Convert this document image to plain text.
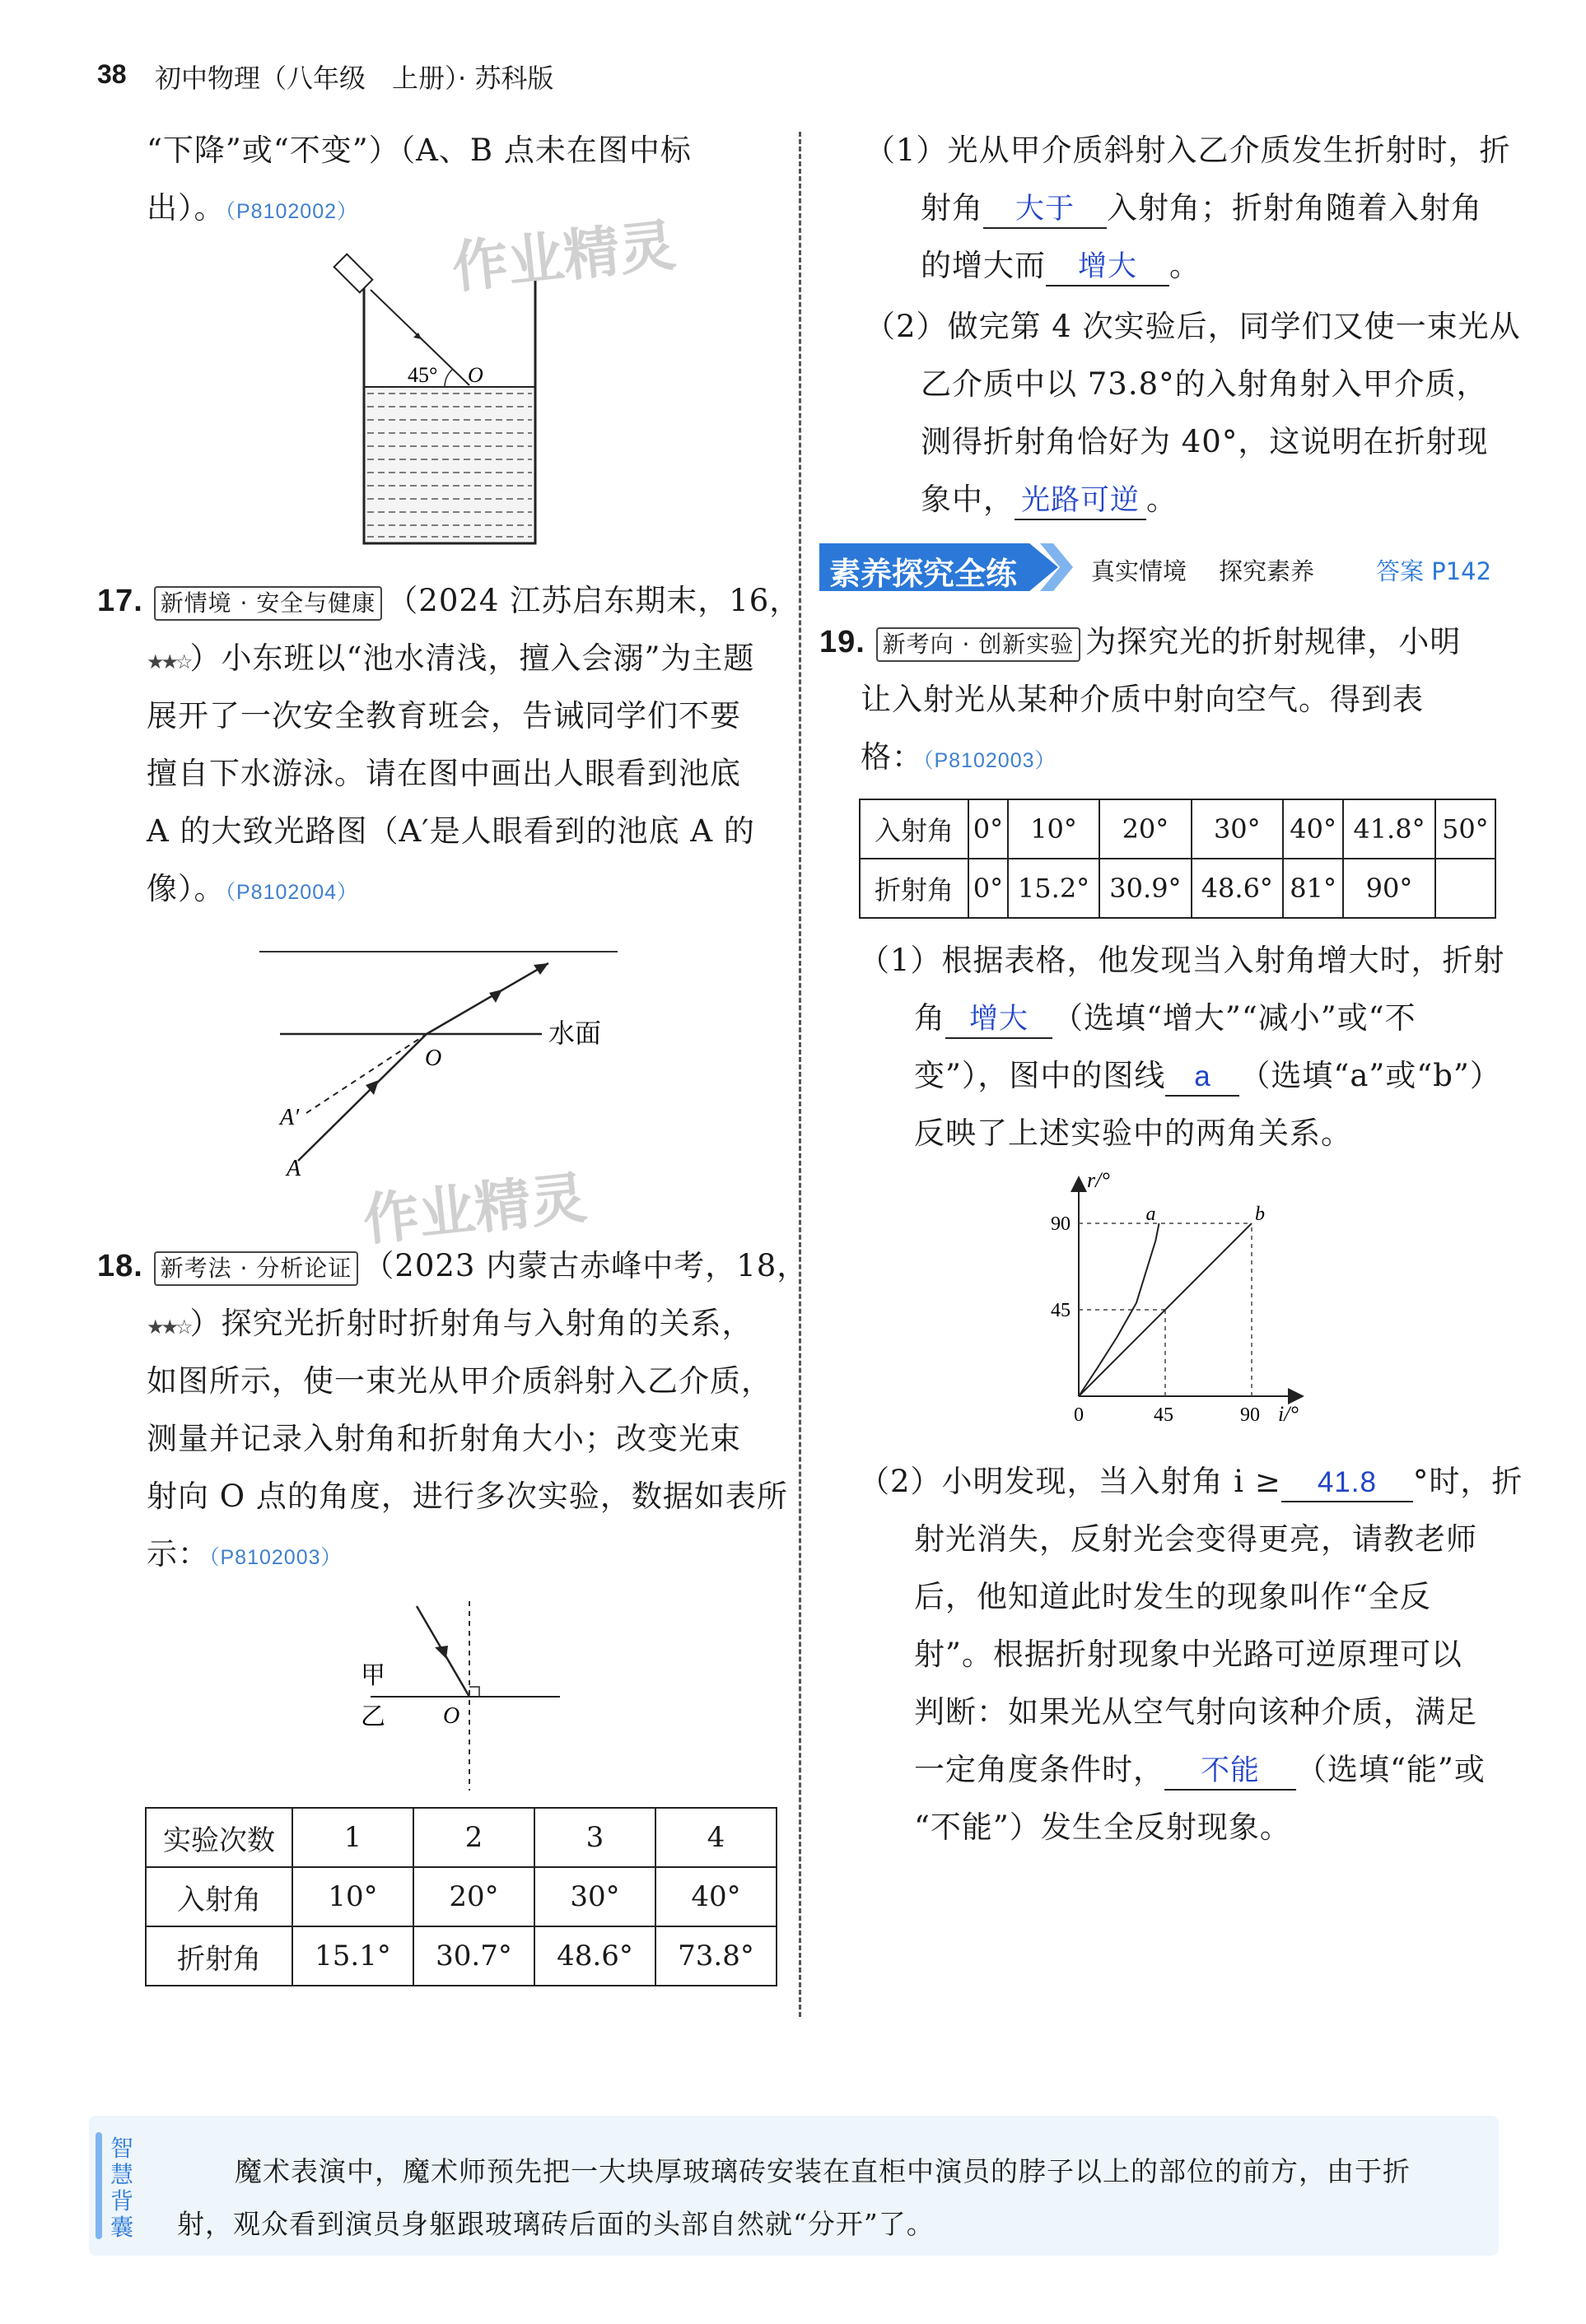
38 初中物理（八年级　上册）· 苏科版
“下降”或“不变”）（A、B 点未在图中标
出）。（P8102002）
45° O
17. 新情境 · 安全与健康 （2024 江苏启东期末，16，
★★☆）小东班以“池水清浅，擅入会溺”为主题
展开了一次安全教育班会，告诫同学们不要
擅自下水游泳。请在图中画出人眼看到池底
A 的大致光路图（A′是人眼看到的池底 A 的
像）。（P8102004）
水面
O
A′
A
作业精灵
作业精灵
18. 新考法 · 分析论证 （2023 内蒙古赤峰中考，18，
★★☆）探究光折射时折射角与入射角的关系，
如图所示，使一束光从甲介质斜射入乙介质，
测量并记录入射角和折射角大小；改变光束
射向 O 点的角度，进行多次实验，数据如表所
示：（P8102003）
甲
乙	O
实验次数	1	2	3	4
入射角	10°	20°	30°	40°
折射角	15.1°	30.7°	48.6°	73.8°
（1）光从甲介质斜射入乙介质发生折射时，折
射角 大于 入射角；折射角随着入射角
的增大而 增大 。
（2）做完第 4 次实验后，同学们又使一束光从
乙介质中以 73.8°的入射角射入甲介质，
测得折射角恰好为 40°，这说明在折射现
象中， 光路可逆 。
素养探究全练	真实情境 探究素养	答案 P142
19. 新考向 · 创新实验 为探究光的折射规律，小明
让入射光从某种介质中射向空气。得到表
格：（P8102003）
入射角	0°	10°	20°	30°	40°	41.8°	50°
折射角	0°	15.2°	30.9°	48.6°	81°	90°	
（1）根据表格，他发现当入射角增大时，折射
角 增大 （选填“增大”“减小”或“不
变”），图中的图线 a （选填“a”或“b”）
反映了上述实验中的两角关系。
a	b
0	45	90
45
90
r/°
i/°
（2）小明发现，当入射角 i ≥ 41.8 °时，折
射光消失，反射光会变得更亮，请教老师
后，他知道此时发生的现象叫作“全反
射”。根据折射现象中光路可逆原理可以
判断：如果光从空气射向该种介质，满足
一定角度条件时， 不能 （选填“能”或
“不能”）发生全反射现象。
智慧背囊
魔术表演中，魔术师预先把一大块厚玻璃砖安装在直柜中演员的脖子以上的部位的前方，由于折
射，观众看到演员身躯跟玻璃砖后面的头部自然就“分开”了。
